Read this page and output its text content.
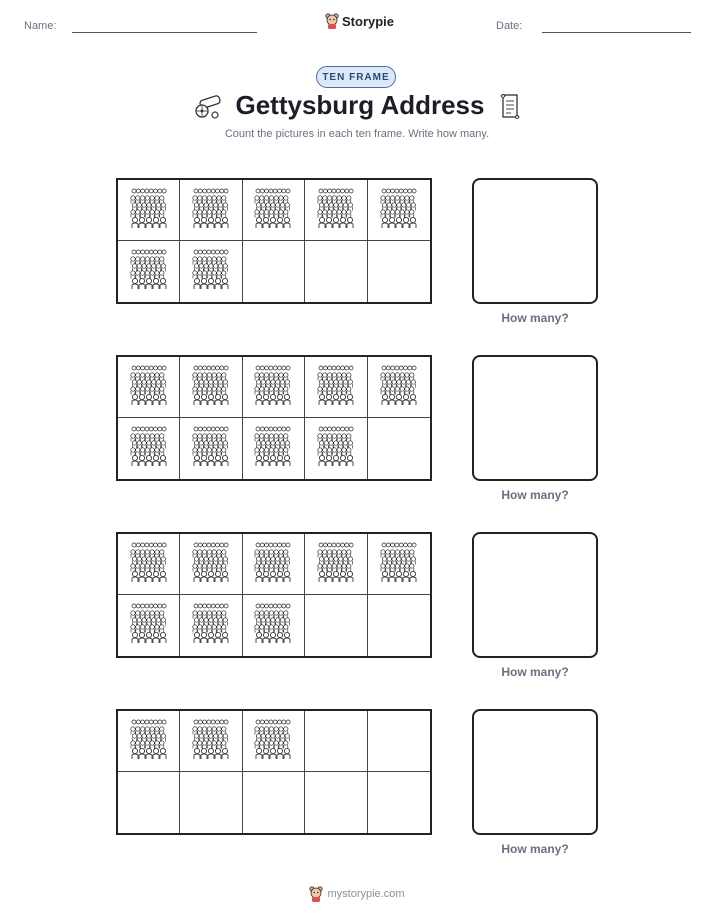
Name:	Storypie	Date:
TEN FRAME
Gettysburg Address
Count the pictures in each ten frame. Write how many.
How many?
How many?
How many?
How many?
mystorypie.com
